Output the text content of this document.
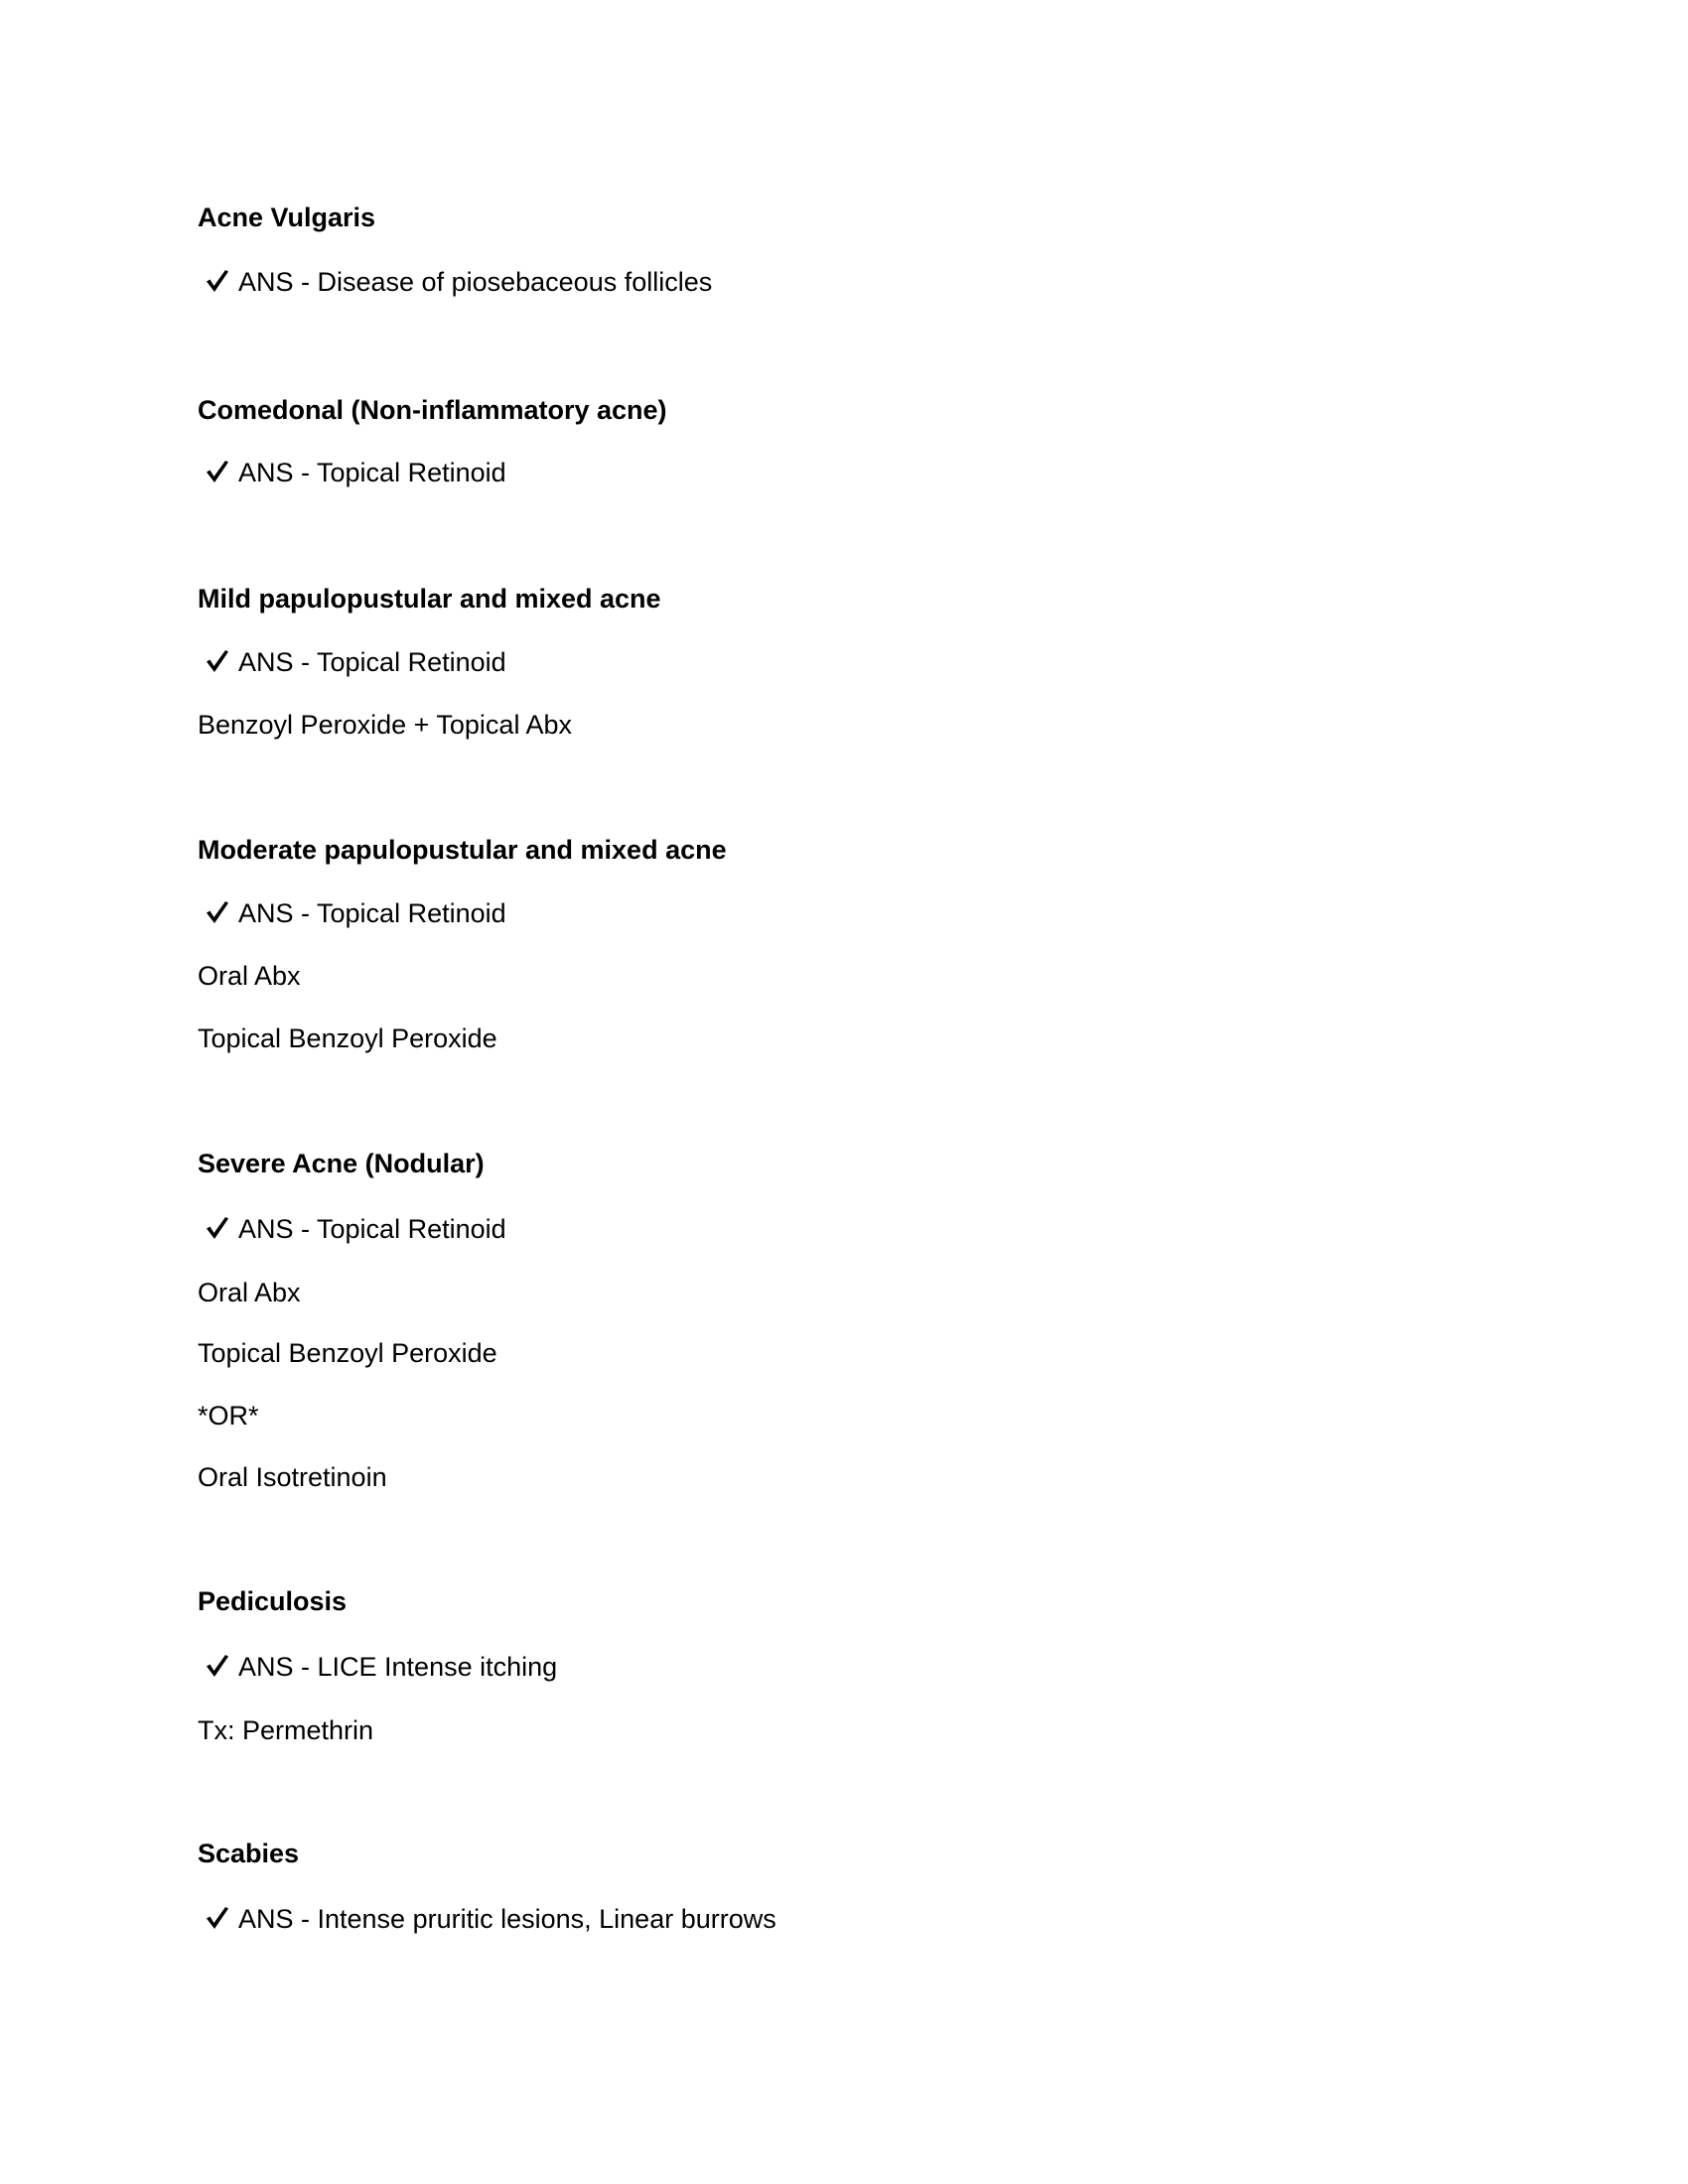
Acne Vulgaris
ANS - Disease of piosebaceous follicles
Comedonal (Non-inflammatory acne)
ANS - Topical Retinoid
Mild papulopustular and mixed acne
ANS - Topical Retinoid
Benzoyl Peroxide + Topical Abx
Moderate papulopustular and mixed acne
ANS - Topical Retinoid
Oral Abx
Topical Benzoyl Peroxide
Severe Acne (Nodular)
ANS - Topical Retinoid
Oral Abx
Topical Benzoyl Peroxide
*OR*
Oral Isotretinoin
Pediculosis
ANS - LICE Intense itching
Tx: Permethrin
Scabies
ANS - Intense pruritic lesions, Linear burrows
